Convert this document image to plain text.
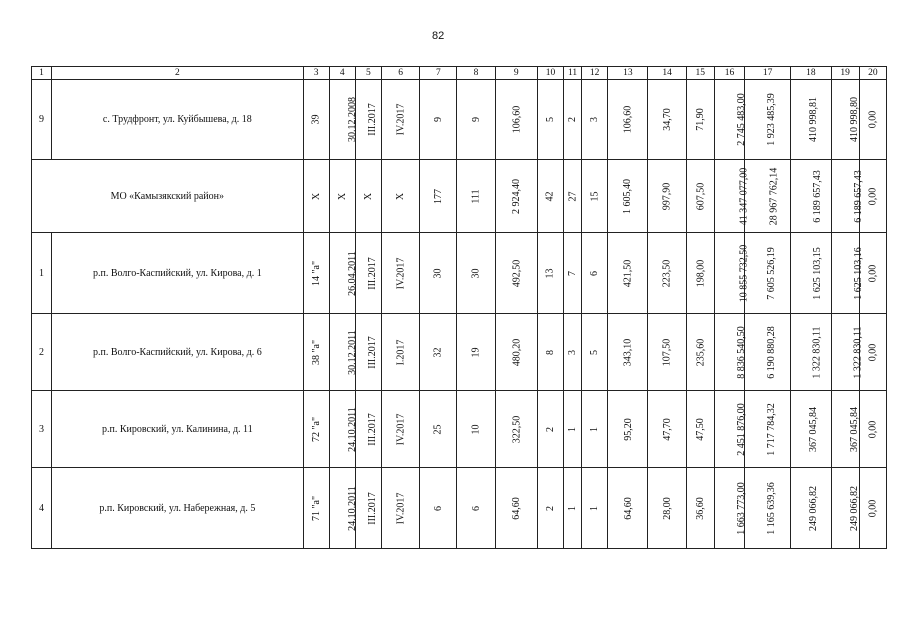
82
1	2	3	4	5	6	7	8	9	10	11	12	13	14	15	16	17	18	19	20
9	с. Трудфронт, ул. Куйбышева, д. 18	39	30.12.2008	III.2017	IV.2017	9	9	106,60	5	2	3	106,60	34,70	71,90	2 745 483,00	1 923 485,39	410 998,81	410 998,80	0,00
МО «Камызякский район»		Х	Х	Х	Х	177	111	2 924,40	42	27	15	1 605,40	997,90	607,50	41 347 077,00	28 967 762,14	6 189 657,43	6 189 657,43	0,00
1	р.п. Волго-Каспийский, ул. Кирова, д. 1	14 "а"	26.04.2011	III.2017	IV.2017	30	30	492,50	13	7	6	421,50	223,50	198,00	10 855 732,50	7 605 526,19	1 625 103,15	1 625 103,16	0,00
2	р.п. Волго-Каспийский, ул. Кирова, д. 6	38 "а"	30.12.2011	III.2017	I.2017	32	19	480,20	8	3	5	343,10	107,50	235,60	8 836 540,50	6 190 880,28	1 322 830,11	1 322 830,11	0,00
3	р.п. Кировский, ул. Калинина, д. 11	72 "а"	24.10.2011	III.2017	IV.2017	25	10	322,50	2	1	1	95,20	47,70	47,50	2 451 876,00	1 717 784,32	367 045,84	367 045,84	0,00
4	р.п. Кировский, ул. Набережная, д. 5	71 "а"	24.10.2011	III.2017	IV.2017	6	6	64,60	2	1	1	64,60	28,00	36,60	1 663 773,00	1 165 639,36	249 066,82	249 066,82	0,00
